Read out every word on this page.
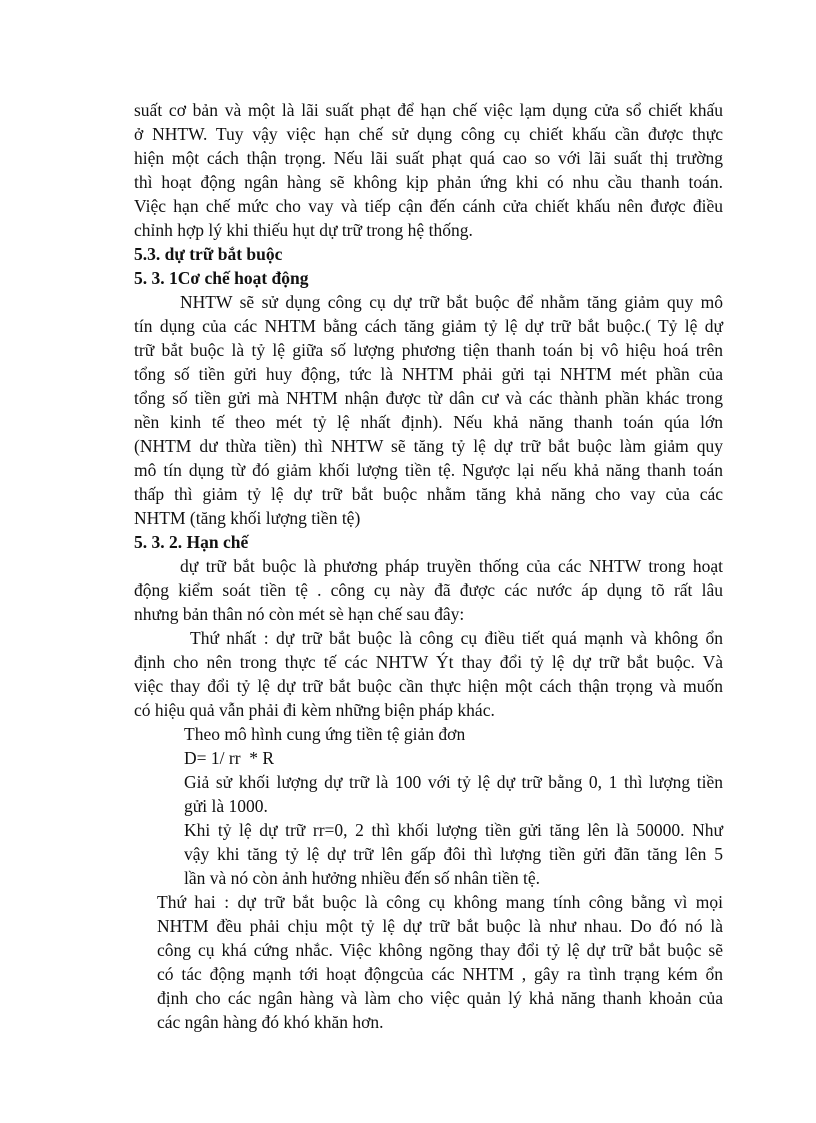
suất cơ bản và một là lãi suất phạt để hạn chế việc lạm dụng cửa sổ chiết khấu
ở NHTW. Tuy vậy việc hạn chế sử dụng công cụ chiết khấu cần được thực
hiện một cách thận trọng. Nếu lãi suất phạt quá cao so với lãi suất thị trường
thì hoạt động ngân hàng sẽ không kịp phản ứng khi có nhu cầu thanh toán.
Việc hạn chế mức cho vay và tiếp cận đến cánh cửa chiết khấu nên được điều
chỉnh hợp lý khi thiếu hụt dự trữ trong hệ thống.
5.3. dự trữ bắt buộc
5. 3. 1Cơ chế hoạt động
NHTW sẽ sử dụng công cụ dự trữ bắt buộc để nhằm tăng giảm quy mô
tín dụng của các NHTM bằng cách tăng giảm tỷ lệ dự trữ bắt buộc.( Tỷ lệ dự
trữ bắt buộc là tỷ lệ giữa số lượng phương tiện thanh toán bị vô hiệu hoá trên
tổng số tiền gửi huy động, tức là NHTM phải gửi tại NHTM mét phần của
tổng số tiền gửi mà NHTM nhận được từ dân cư và các thành phần khác trong
nền kinh tế theo mét tỷ lệ nhất định). Nếu khả năng thanh toán qúa lớn
(NHTM dư thừa tiền) thì NHTW sẽ tăng tỷ lệ dự trữ bắt buộc làm giảm quy
mô tín dụng từ đó giảm khối lượng tiền tệ. Ngược lại nếu khả năng thanh toán
thấp thì giảm tỷ lệ dự trữ bắt buộc nhằm tăng khả năng cho vay của các
NHTM (tăng khối lượng tiền tệ)
5. 3. 2. Hạn chế
dự trữ bắt buộc là phương pháp truyền thống của các NHTW trong hoạt
động kiểm soát tiền tệ . công cụ này đã được các nước áp dụng tõ rất lâu
nhưng bản thân nó còn mét sè hạn chế sau đây:
Thứ nhất : dự trữ bắt buộc là công cụ điều tiết quá mạnh và không ổn
định cho nên trong thực tế các NHTW Ýt thay đổi tỷ lệ dự trữ bắt buộc. Và
việc thay đổi tỷ lệ dự trữ bắt buộc cần thực hiện một cách thận trọng và muốn
có hiệu quả vẫn phải đi kèm những biện pháp khác.
Theo mô hình cung ứng tiền tệ giản đơn
D= 1/ rr  * R
Giả sử khối lượng dự trữ là 100 với tỷ lệ dự trữ bằng 0, 1 thì lượng tiền
gửi là 1000.
Khi tỷ lệ dự trữ rr=0, 2 thì khối lượng tiền gửi tăng lên là 50000. Như
vậy khi tăng tỷ lệ dự trữ lên gấp đôi thì lượng tiền gửi đãn tăng lên 5
lần và nó còn ảnh hưởng nhiều đến số nhân tiền tệ.
Thứ hai : dự trữ bắt buộc là công cụ không mang tính công bằng vì mọi
NHTM đều phải chịu một tỷ lệ dự trữ bắt buộc là như nhau. Do đó nó là
công cụ khá cứng nhắc. Việc không ngõng thay đổi tỷ lệ dự trữ bắt buộc sẽ
có tác động mạnh tới hoạt độngcủa các NHTM , gây ra tình trạng kém ổn
định cho các ngân hàng và làm cho việc quản lý khả năng thanh khoản của
các ngân hàng đó khó khăn hơn.
